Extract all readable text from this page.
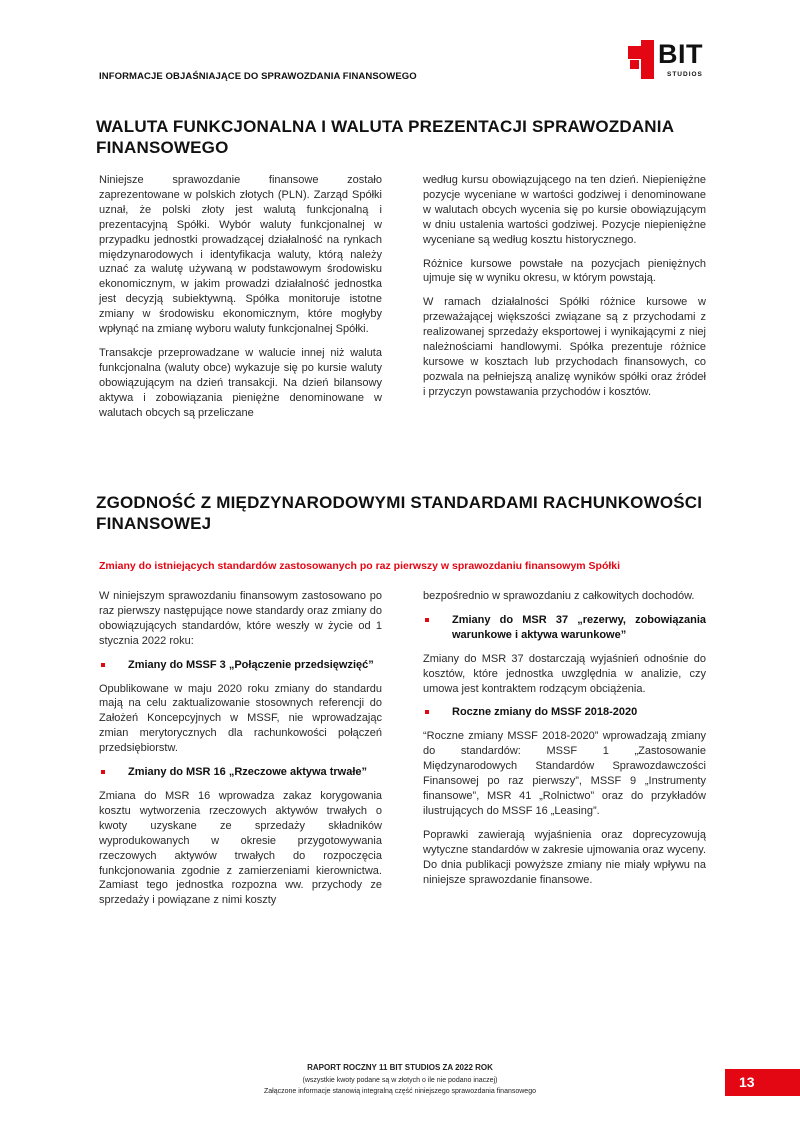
INFORMACJE OBJAŚNIAJĄCE DO SPRAWOZDANIA FINANSOWEGO
BIT
STUDIOS
WALUTA FUNKCJONALNA I WALUTA PREZENTACJI SPRAWOZDANIA FINANSOWEGO

Niniejsze sprawozdanie finansowe zostało zaprezentowane w polskich złotych (PLN). Zarząd Spółki uznał, że polski złoty jest walutą funkcjonalną i prezentacyjną Spółki. Wybór waluty funkcjonalnej w przypadku jednostki prowadzącej działalność na rynkach międzynarodowych i identyfikacja waluty, którą należy uznać za walutę używaną w podstawowym środowisku ekonomicznym, w jakim prowadzi działalność jednostka jest decyzją subiektywną. Spółka monitoruje istotne zmiany w środowisku ekonomicznym, które mogłyby wpłynąć na zmianę wyboru waluty funkcjonalnej Spółki.

Transakcje przeprowadzane w walucie innej niż waluta funkcjonalna (waluty obce) wykazuje się po kursie waluty obowiązującym na dzień transakcji. Na dzień bilansowy aktywa i zobowiązania pieniężne denominowane w walutach obcych są przeliczane

według kursu obowiązującego na ten dzień. Niepieniężne pozycje wyceniane w wartości godziwej i denominowane w walutach obcych wycenia się po kursie obowiązującym w dniu ustalenia wartości godziwej. Pozycje niepieniężne wyceniane są według kosztu historycznego.

Różnice kursowe powstałe na pozycjach pieniężnych ujmuje się w wyniku okresu, w którym powstają.

W ramach działalności Spółki różnice kursowe w przeważającej większości związane są z przychodami z realizowanej sprzedaży eksportowej i wynikającymi z niej należnościami handlowymi. Spółka prezentuje różnice kursowe w kosztach lub przychodach finansowych, co pozwala na pełniejszą analizę wyników spółki oraz źródeł i przyczyn powstawania przychodów i kosztów.

ZGODNOŚĆ Z MIĘDZYNARODOWYMI STANDARDAMI RACHUNKOWOŚCI FINANSOWEJ

Zmiany do istniejących standardów zastosowanych po raz pierwszy w sprawozdaniu finansowym Spółki

W niniejszym sprawozdaniu finansowym zastosowano po raz pierwszy następujące nowe standardy oraz zmiany do obowiązujących standardów, które weszły w życie od 1 stycznia 2022 roku:

Zmiany do MSSF 3 „Połączenie przedsięwzięć”

Opublikowane w maju 2020 roku zmiany do standardu mają na celu zaktualizowanie stosownych referencji do Założeń Koncepcyjnych w MSSF, nie wprowadzając zmian merytorycznych dla rachunkowości połączeń przedsiębiorstw.

Zmiany do MSR 16 „Rzeczowe aktywa trwałe”

Zmiana do MSR 16 wprowadza zakaz korygowania kosztu wytworzenia rzeczowych aktywów trwałych o kwoty uzyskane ze sprzedaży składników wyprodukowanych w okresie przygotowywania rzeczowych aktywów trwałych do rozpoczęcia funkcjonowania zgodnie z zamierzeniami kierownictwa. Zamiast tego jednostka rozpozna ww. przychody ze sprzedaży i powiązane z nimi koszty

bezpośrednio w sprawozdaniu z całkowitych dochodów.

Zmiany do MSR 37 „rezerwy, zobowiązania warunkowe i aktywa warunkowe”

Zmiany do MSR 37 dostarczają wyjaśnień odnośnie do kosztów, które jednostka uwzględnia w analizie, czy umowa jest kontraktem rodzącym obciążenia.

Roczne zmiany do MSSF 2018-2020

“Roczne zmiany MSSF 2018-2020” wprowadzają zmiany do standardów: MSSF 1 „Zastosowanie Międzynarodowych Standardów Sprawozdawczości Finansowej po raz pierwszy”, MSSF 9 „Instrumenty finansowe”, MSR 41 „Rolnictwo” oraz do przykładów ilustrujących do MSSF 16 „Leasing”.

Poprawki zawierają wyjaśnienia oraz doprecyzowują wytyczne standardów w zakresie ujmowania oraz wyceny. Do dnia publikacji powyższe zmiany nie miały wpływu na niniejsze sprawozdanie finansowe.

RAPORT ROCZNY 11 BIT STUDIOS ZA 2022 ROK
(wszystkie kwoty podane są w złotych o ile nie podano inaczej)
Załączone informacje stanowią integralną część niniejszego sprawozdania finansowego
13
